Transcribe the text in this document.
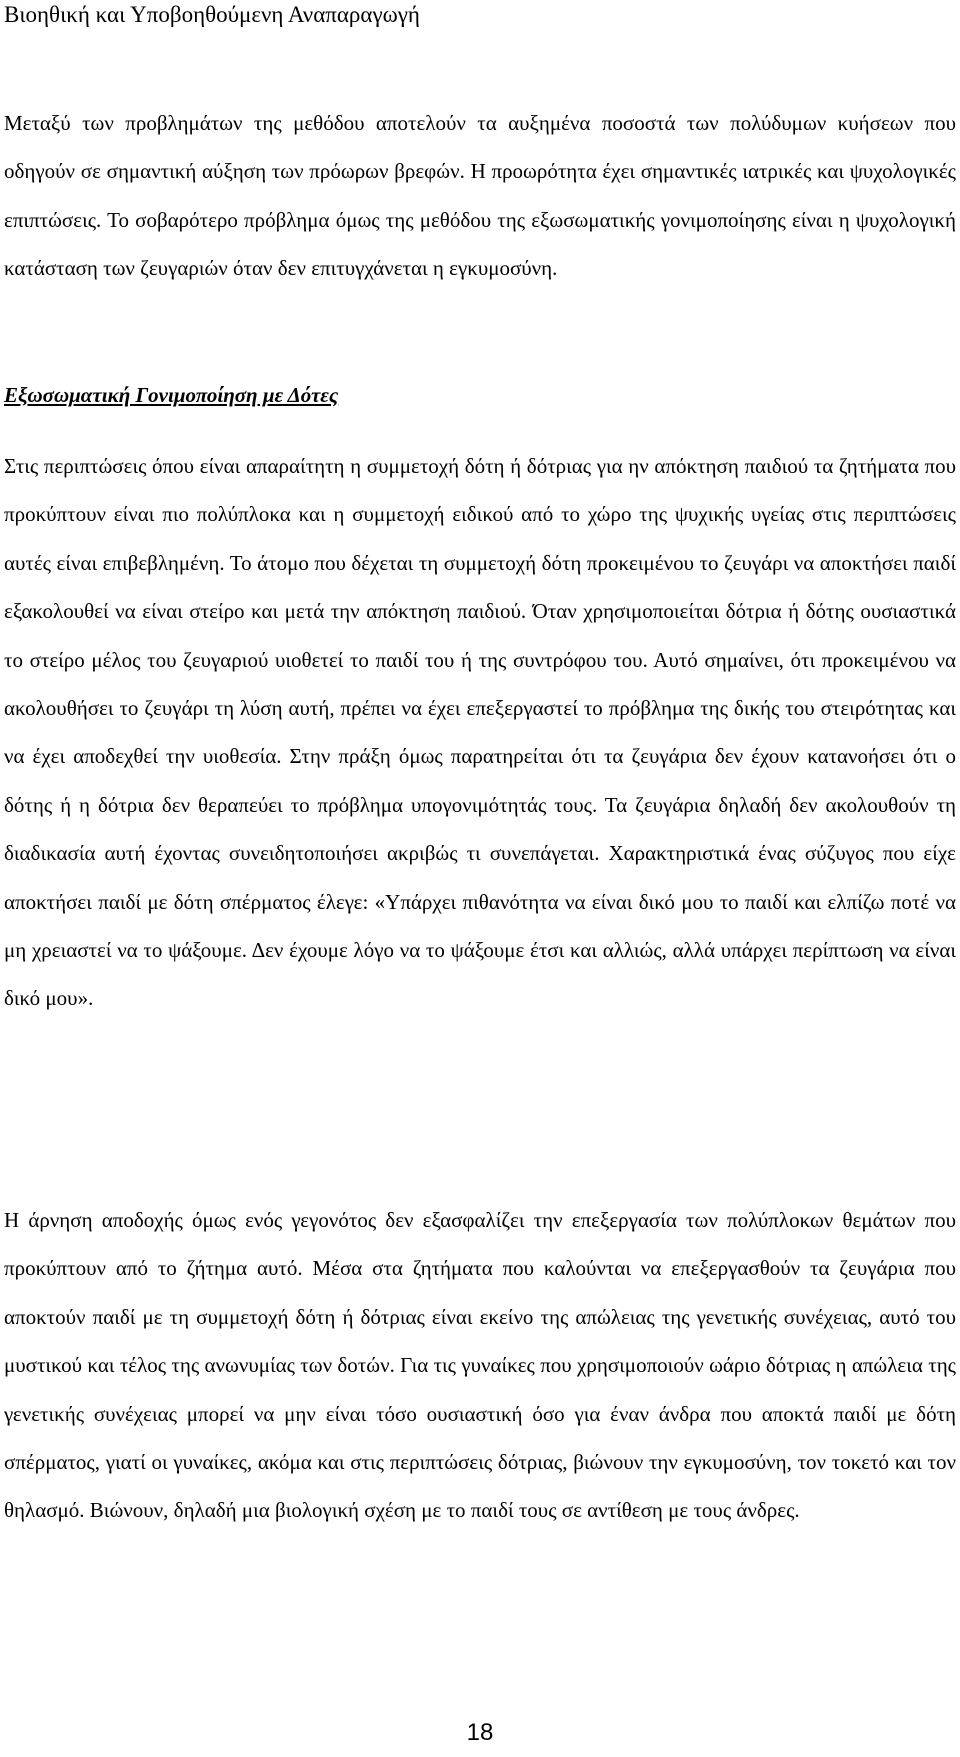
Βιοηθική και Υποβοηθούμενη Αναπαραγωγή

Μεταξύ των προβλημάτων της μεθόδου αποτελούν τα αυξημένα ποσοστά των πολύδυμων κυήσεων που οδηγούν σε σημαντική αύξηση των πρόωρων βρεφών. Η προωρότητα έχει σημαντικές ιατρικές και ψυχολογικές επιπτώσεις. Το σοβαρότερο πρόβλημα όμως της μεθόδου της εξωσωματικής γονιμοποίησης είναι η ψυχολογική κατάσταση των ζευγαριών όταν δεν επιτυγχάνεται η εγκυμοσύνη.

Εξωσωματική Γονιμοποίηση με Δότες

Στις περιπτώσεις όπου είναι απαραίτητη η συμμετοχή δότη ή δότριας για ην απόκτηση παιδιού τα ζητήματα που προκύπτουν είναι πιο πολύπλοκα και η συμμετοχή ειδικού από το χώρο της ψυχικής υγείας στις περιπτώσεις αυτές είναι επιβεβλημένη. Το άτομο που δέχεται τη συμμετοχή δότη προκειμένου το ζευγάρι να αποκτήσει παιδί εξακολουθεί να είναι στείρο και μετά την απόκτηση παιδιού. Όταν χρησιμοποιείται δότρια ή δότης ουσιαστικά το στείρο μέλος του ζευγαριού υιοθετεί το παιδί του ή της συντρόφου του. Αυτό σημαίνει, ότι προκειμένου να ακολουθήσει το ζευγάρι τη λύση αυτή, πρέπει να έχει επεξεργαστεί το πρόβλημα της δικής του στειρότητας και να έχει αποδεχθεί την υιοθεσία. Στην πράξη όμως παρατηρείται ότι τα ζευγάρια δεν έχουν κατανοήσει ότι ο δότης ή η δότρια δεν θεραπεύει το πρόβλημα υπογονιμότητάς τους. Τα ζευγάρια δηλαδή δεν ακολουθούν τη διαδικασία αυτή έχοντας συνειδητοποιήσει ακριβώς τι συνεπάγεται. Χαρακτηριστικά ένας σύζυγος που είχε αποκτήσει παιδί με δότη σπέρματος έλεγε: «Υπάρχει πιθανότητα να είναι δικό μου το παιδί και ελπίζω ποτέ να μη χρειαστεί να το ψάξουμε. Δεν έχουμε λόγο να το ψάξουμε έτσι και αλλιώς, αλλά υπάρχει περίπτωση να είναι δικό μου».

Η άρνηση αποδοχής όμως ενός γεγονότος δεν εξασφαλίζει την επεξεργασία των πολύπλοκων θεμάτων που προκύπτουν από το ζήτημα αυτό. Μέσα στα ζητήματα που καλούνται να επεξεργασθούν τα ζευγάρια που αποκτούν παιδί με τη συμμετοχή δότη ή δότριας είναι εκείνο της απώλειας της γενετικής συνέχειας, αυτό του μυστικού και τέλος της ανωνυμίας των δοτών. Για τις γυναίκες που χρησιμοποιούν ωάριο δότριας η απώλεια της γενετικής συνέχειας μπορεί να μην είναι τόσο ουσιαστική όσο για έναν άνδρα που αποκτά παιδί με δότη σπέρματος, γιατί οι γυναίκες, ακόμα και στις περιπτώσεις δότριας, βιώνουν την εγκυμοσύνη, τον τοκετό και τον θηλασμό. Βιώνουν, δηλαδή μια βιολογική σχέση με το παιδί τους σε αντίθεση με τους άνδρες.

18
